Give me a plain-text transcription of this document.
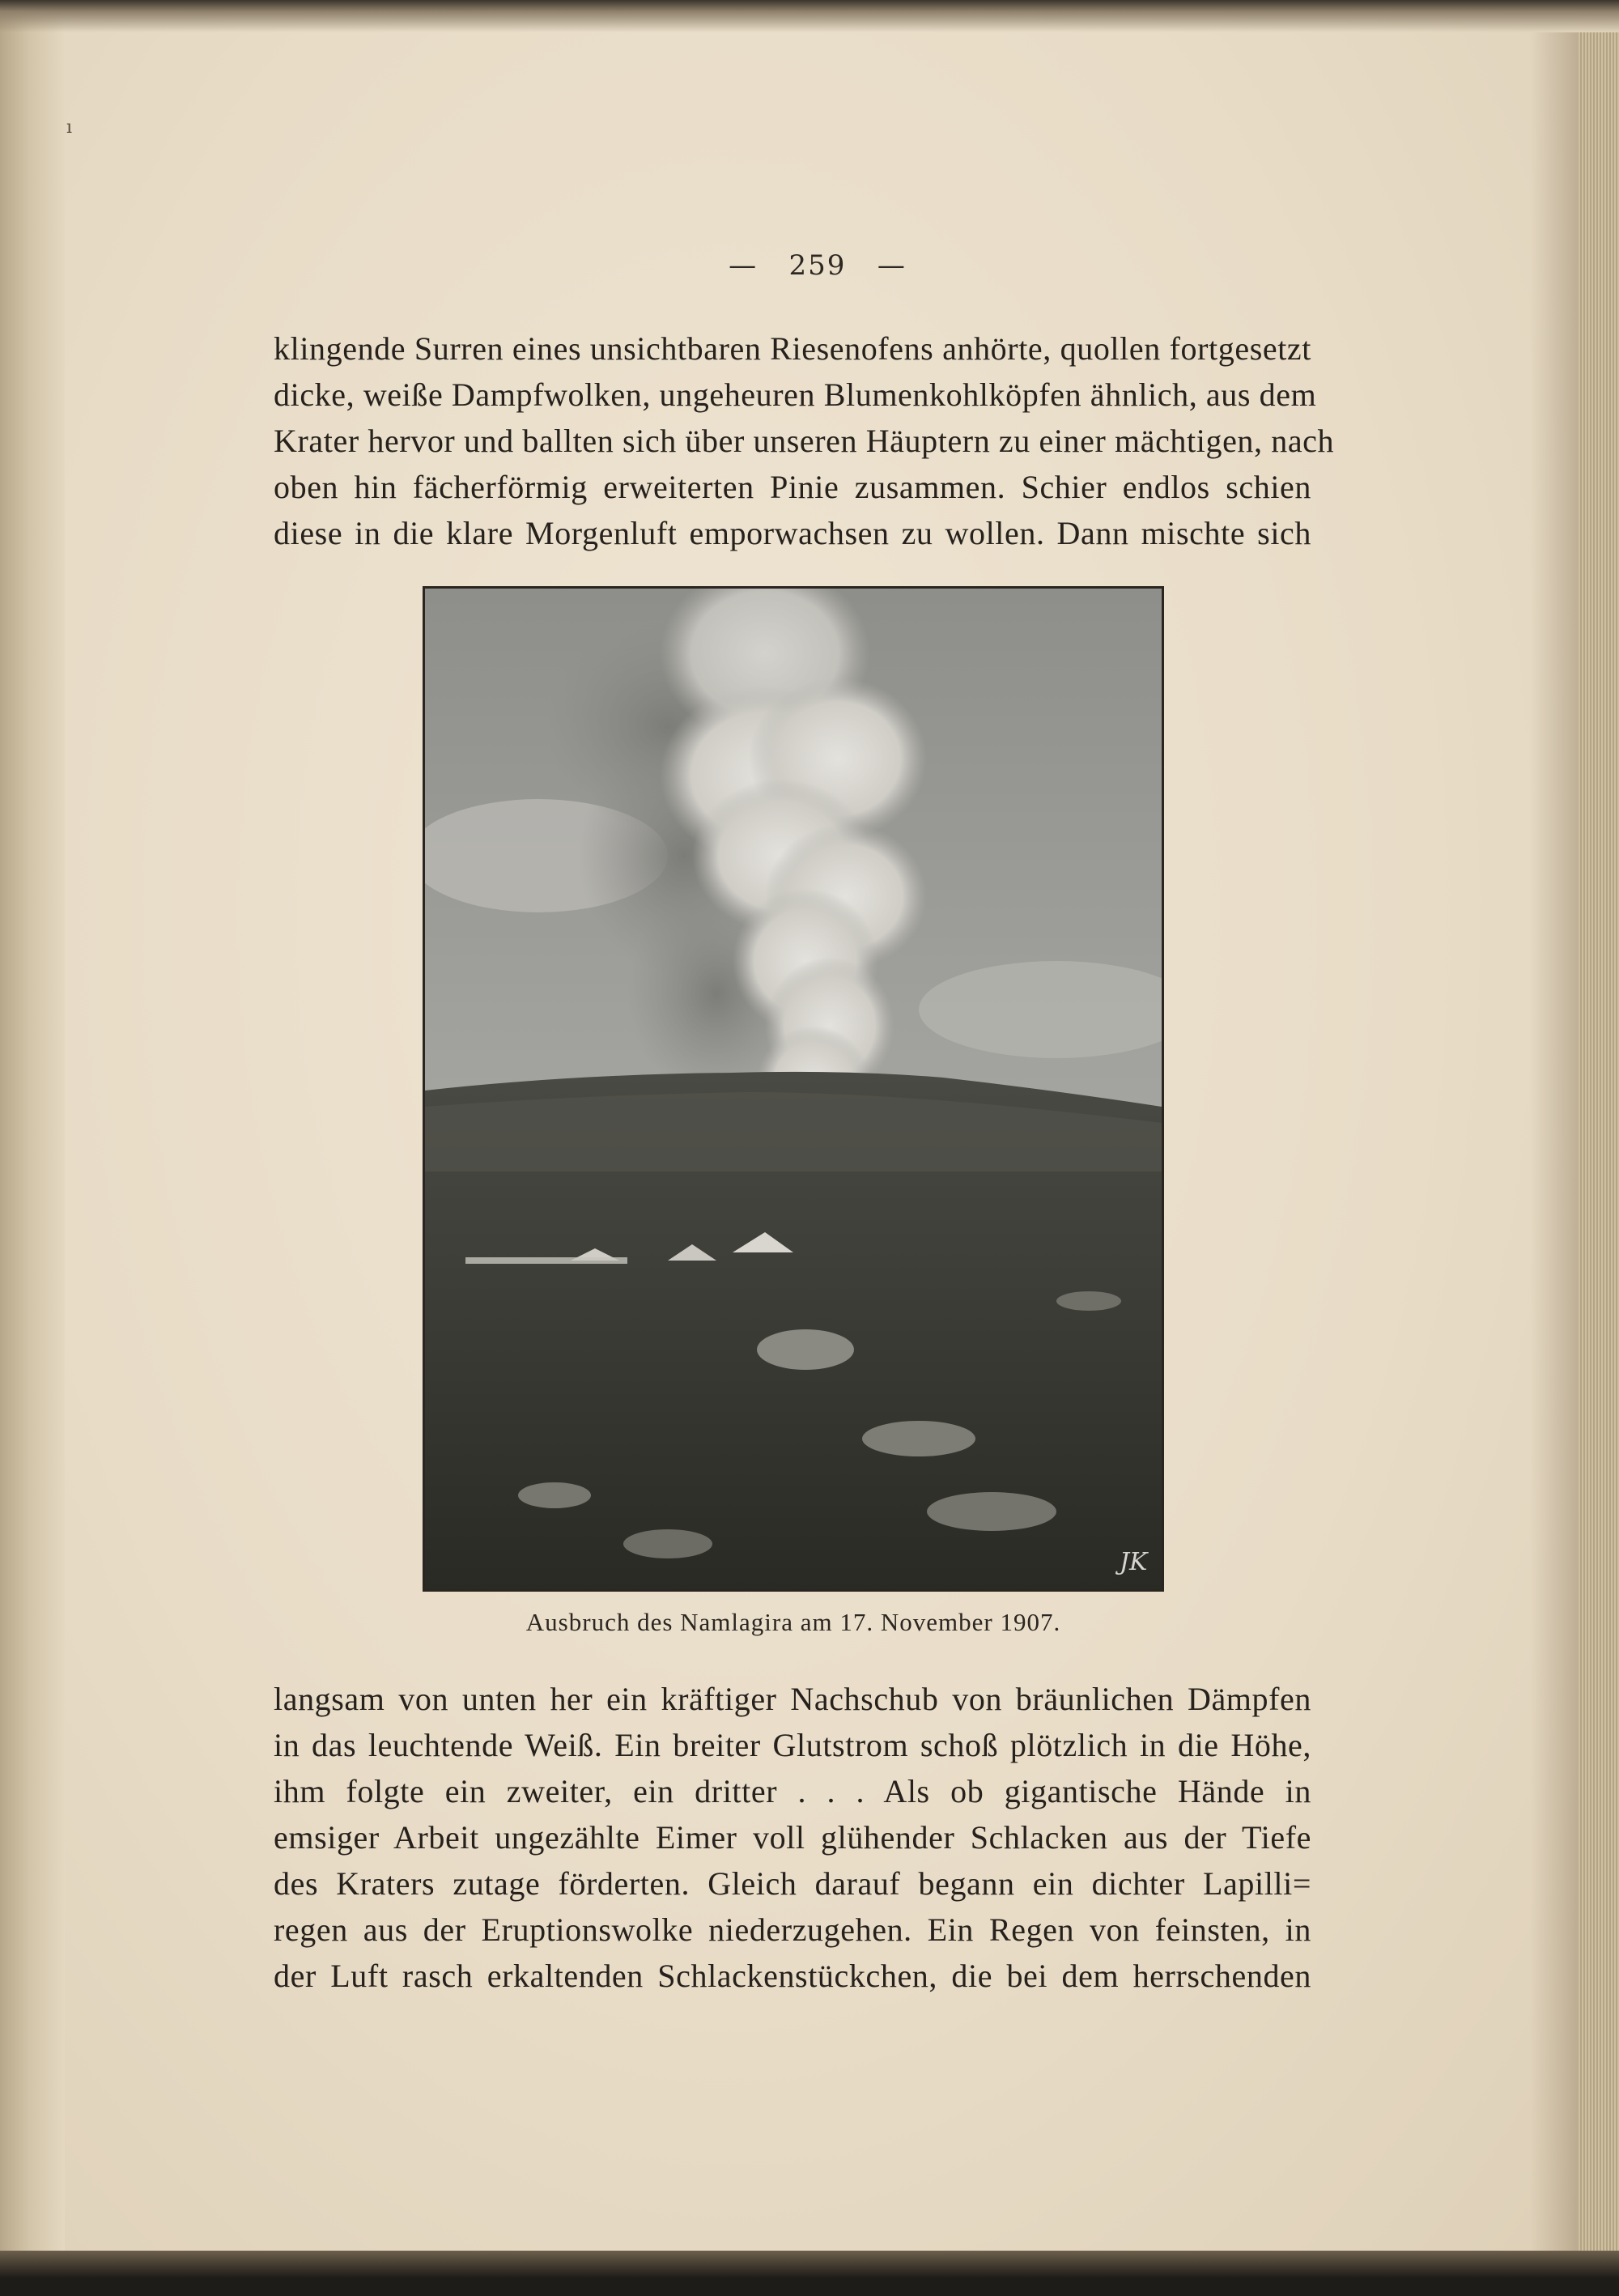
ı
— 259 —
klingende Surren eines unsichtbaren Riesenofens anhörte, quollen fortgesetzt
dicke, weiße Dampfwolken, ungeheuren Blumenkohlköpfen ähnlich, aus dem
Krater hervor und ballten sich über unseren Häuptern zu einer mächtigen, nach
oben hin fächerförmig erweiterten Pinie zusammen. Schier endlos schien
diese in die klare Morgenluft emporwachsen zu wollen. Dann mischte sich
JK
Ausbruch des Namlagira am 17. November 1907.
langsam von unten her ein kräftiger Nachschub von bräunlichen Dämpfen
in das leuchtende Weiß. Ein breiter Glutstrom schoß plötzlich in die Höhe,
ihm folgte ein zweiter, ein dritter . . . Als ob gigantische Hände in
emsiger Arbeit ungezählte Eimer voll glühender Schlacken aus der Tiefe
des Kraters zutage förderten. Gleich darauf begann ein dichter Lapilli=
regen aus der Eruptionswolke niederzugehen. Ein Regen von feinsten, in
der Luft rasch erkaltenden Schlackenstückchen, die bei dem herrschenden
